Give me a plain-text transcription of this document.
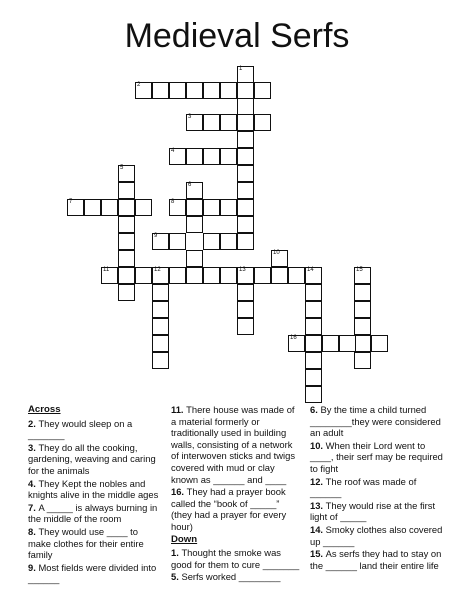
Medieval Serfs
1
2
3
4
5
7
6
8
9
10
11	12	13	14	15
16
Across
2. They would sleep on a _______
3. They do all the cooking, gardening, weaving and caring for the animals
4. They Kept the nobles and knights alive in the middle ages
7. A _____ is always burning in the middle of the room
8. They would use ____ to make clothes for their entire family
9. Most fields were divided into ______
11. There house was made of a material formerly or traditionally used in building walls, consisting of a network of interwoven sticks and twigs covered with mud or clay known as ______ and ____
16. They had a prayer book called the “book of _____” (they had a prayer for every hour)
Down
1. Thought the smoke was good for them to cure _______
5. Serfs worked ________
6. By the time a child turned ________they were considered an adult
10. When their Lord went to ____, their serf may be required to fight
12. The roof was made of ______
13. They would rise at the first light of _____
14. Smoky clothes also covered up ______
15. As serfs they had to stay on the ______ land their entire life
